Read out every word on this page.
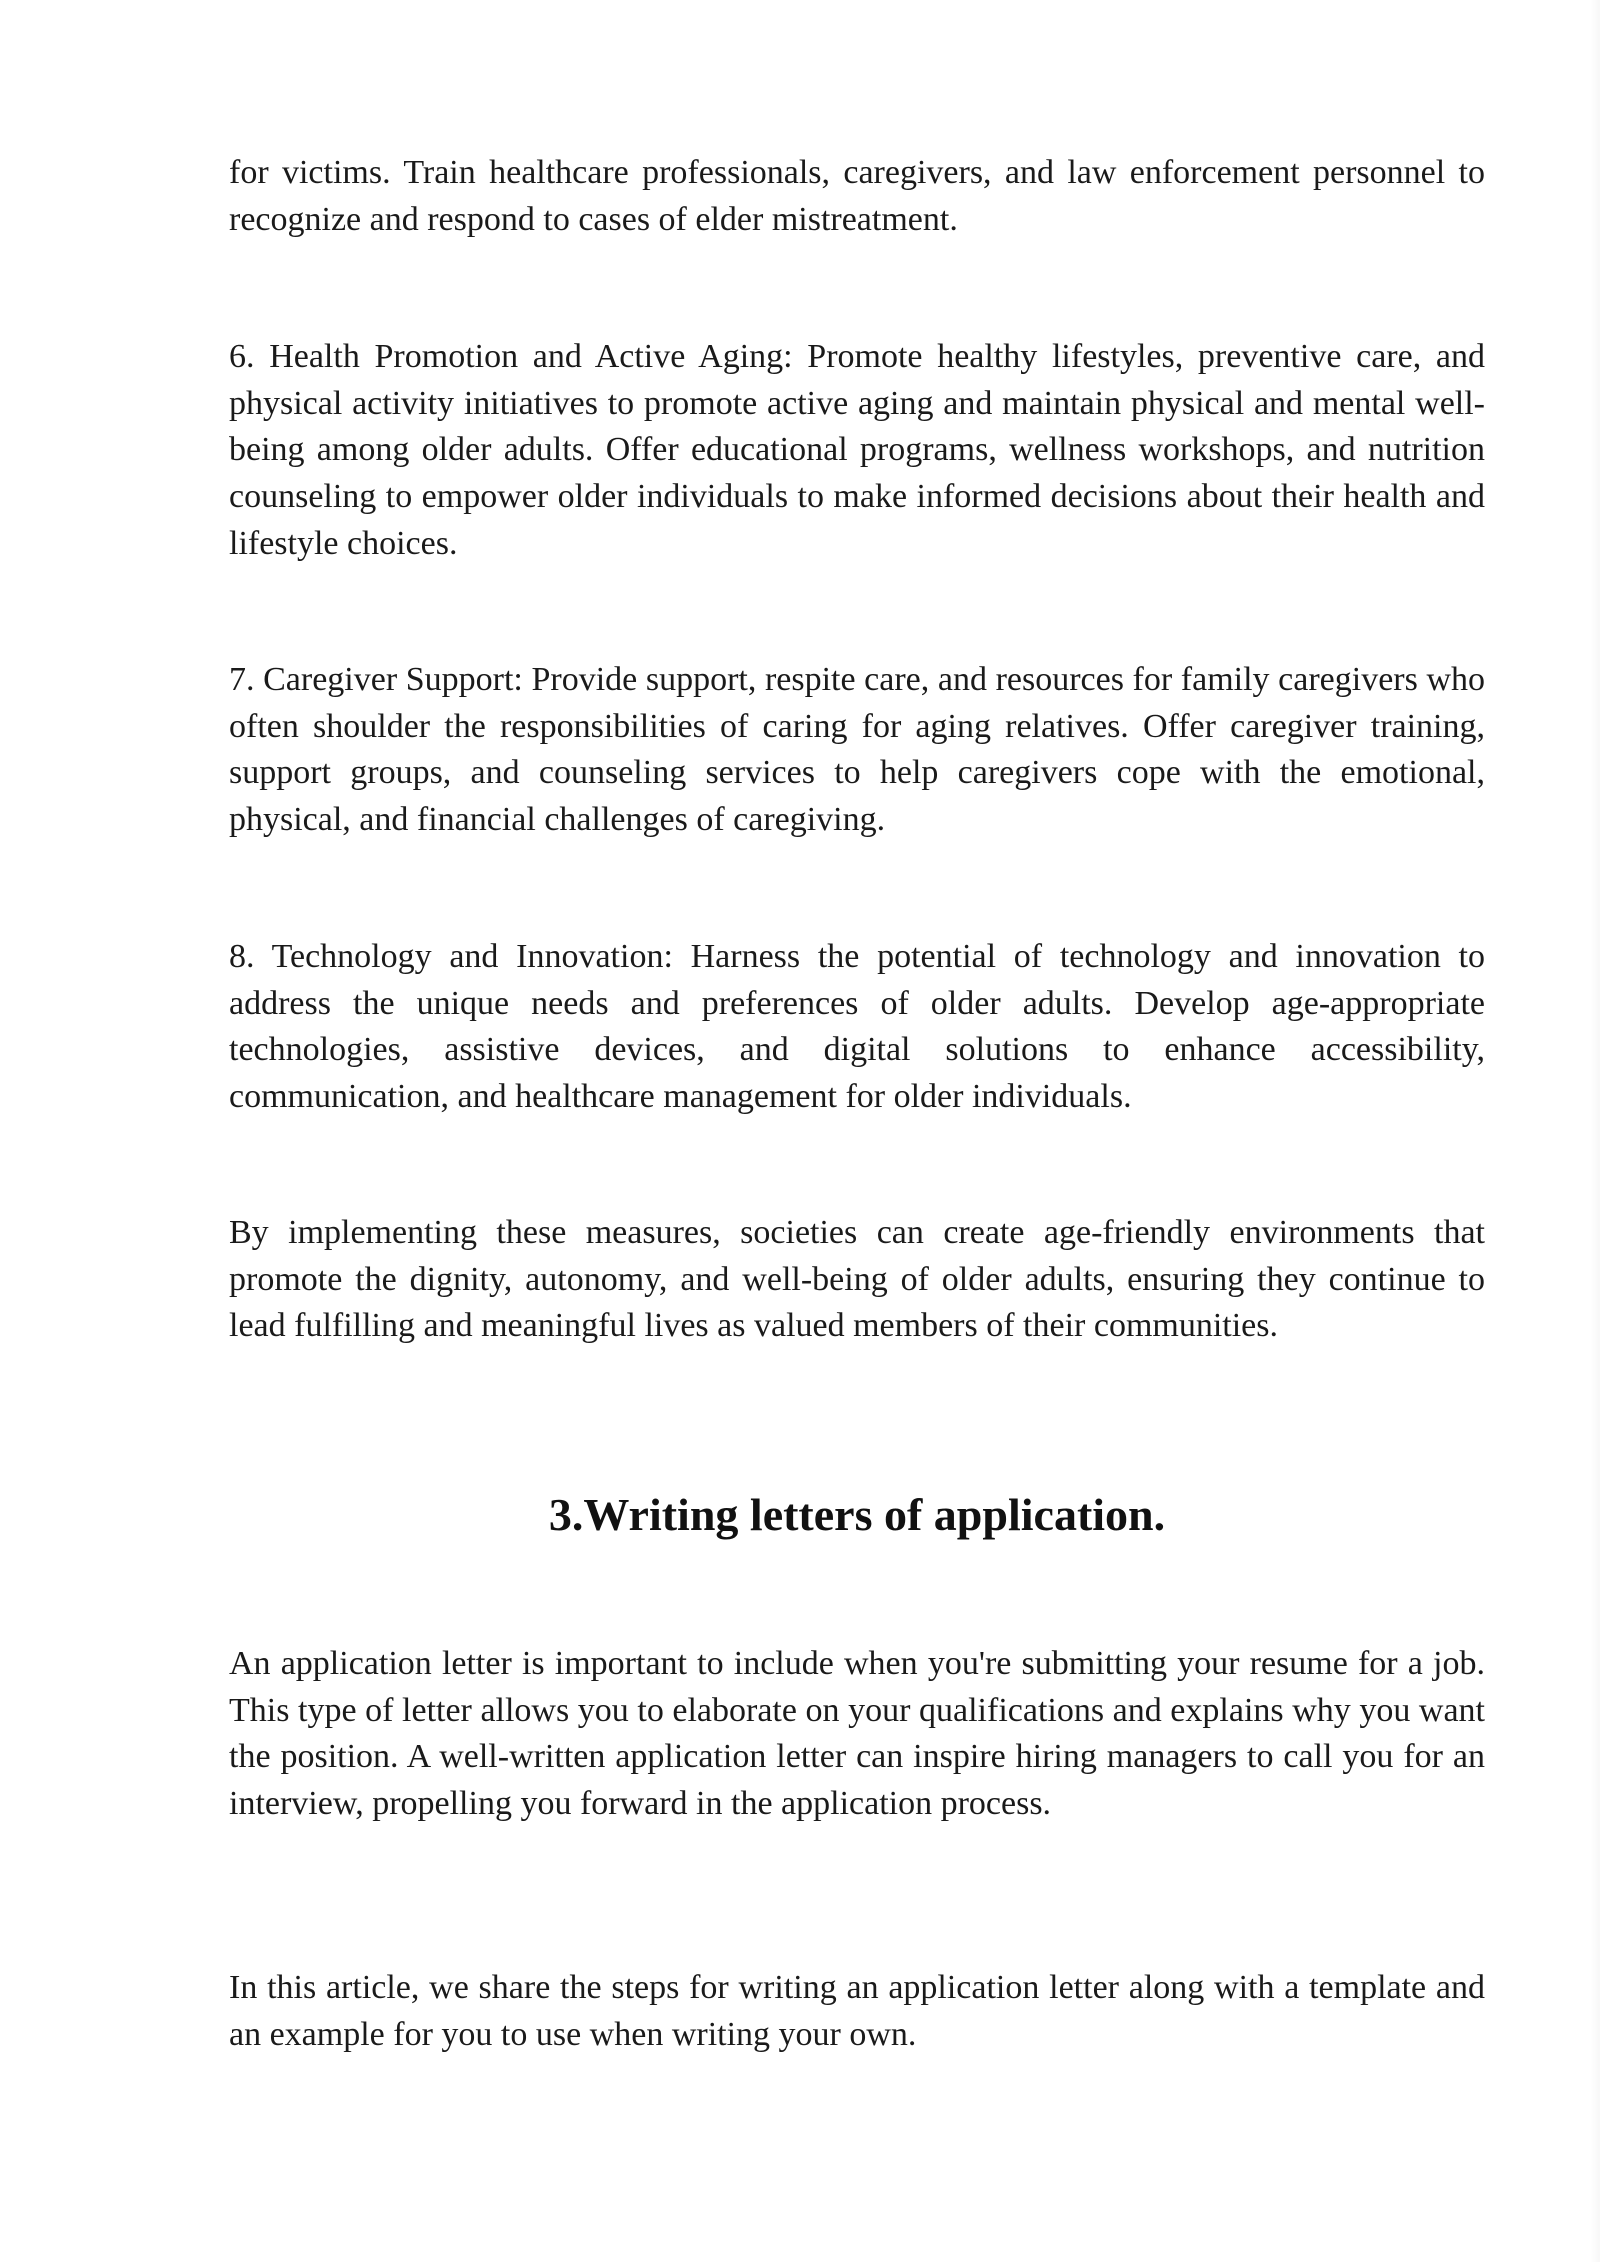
for victims. Train healthcare professionals, caregivers, and law enforcement personnel to recognize and respond to cases of elder mistreatment.

6. Health Promotion and Active Aging: Promote healthy lifestyles, preventive care, and physical activity initiatives to promote active aging and maintain physical and mental well-being among older adults. Offer educational programs, wellness workshops, and nutrition counseling to empower older individuals to make informed decisions about their health and lifestyle choices.

7. Caregiver Support: Provide support, respite care, and resources for family caregivers who often shoulder the responsibilities of caring for aging relatives. Offer caregiver training, support groups, and counseling services to help caregivers cope with the emotional, physical, and financial challenges of caregiving.

8. Technology and Innovation: Harness the potential of technology and innovation to address the unique needs and preferences of older adults. Develop age-appropriate technologies, assistive devices, and digital solutions to enhance accessibility, communication, and healthcare management for older individuals.

By implementing these measures, societies can create age-friendly environments that promote the dignity, autonomy, and well-being of older adults, ensuring they continue to lead fulfilling and meaningful lives as valued members of their communities.

3.Writing letters of application.

An application letter is important to include when you're submitting your resume for a job. This type of letter allows you to elaborate on your qualifications and explains why you want the position. A well-written application letter can inspire hiring managers to call you for an interview, propelling you forward in the application process.

In this article, we share the steps for writing an application letter along with a template and an example for you to use when writing your own.
